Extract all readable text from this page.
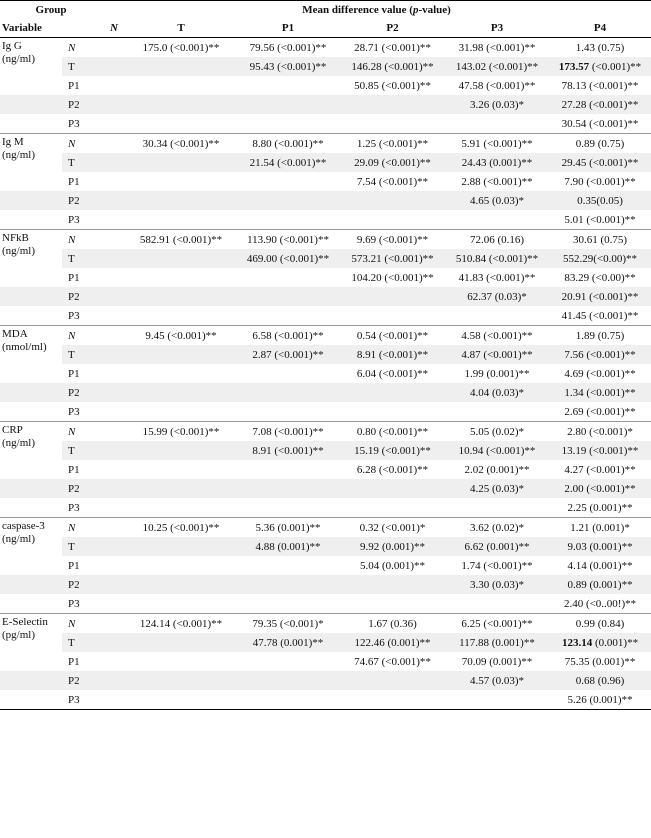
Group		Mean difference value (p-value)					
Variable		N	T	P1	P2	P3	P4

Ig G
(ng/ml)	N		175.0 (<0.001)**	79.56 (<0.001)**	28.71 (<0.001)**	31.98 (<0.001)**	1.43 (0.75)
	T			95.43 (<0.001)**	146.28 (<0.001)**	143.02 (<0.001)**	173.57 (<0.001)**
	P1				50.85 (<0.001)**	47.58 (<0.001)**	78.13 (<0.001)**
	P2					3.26 (0.03)*	27.28 (<0.001)**
	P3						30.54 (<0.001)**

Ig M
(ng/ml)	N		30.34 (<0.001)**	8.80 (<0.001)**	1.25 (<0.001)**	5.91 (<0.001)**	0.89 (0.75)
	T			21.54 (<0.001)**	29.09 (<0.001)**	24.43 (0.001)**	29.45 (<0.001)**
	P1				7.54 (<0.001)**	2.88 (<0.001)**	7.90 (<0.001)**
	P2					4.65 (0.03)*	0.35(0.05)
	P3						5.01 (<0.001)**

NFkB
(ng/ml)	N		582.91 (<0.001)**	113.90 (<0.001)**	9.69 (<0.001)**	72.06 (0.16)	30.61 (0.75)
	T			469.00 (<0.001)**	573.21 (<0.001)**	510.84 (<0.001)**	552.29(<0.00)**
	P1				104.20 (<0.001)**	41.83 (<0.001)**	83.29 (<0.00)**
	P2					62.37 (0.03)*	20.91 (<0.001)**
	P3						41.45 (<0.001)**

MDA
(nmol/ml)	N		9.45 (<0.001)**	6.58 (<0.001)**	0.54 (<0.001)**	4.58 (<0.001)**	1.89 (0.75)
	T			2.87 (<0.001)**	8.91 (<0.001)**	4.87 (<0.001)**	7.56 (<0.001)**
	P1				6.04 (<0.001)**	1.99 (0.001)**	4.69 (<0.001)**
	P2					4.04 (0.03)*	1.34 (<0.001)**
	P3						2.69 (<0.001)**

CRP
(ng/ml)	N		15.99 (<0.001)**	7.08 (<0.001)**	0.80 (<0.001)**	5.05 (0.02)*	2.80 (<0.001)*
	T			8.91 (<0.001)**	15.19 (<0.001)**	10.94 (<0.001)**	13.19 (<0.001)**
	P1				6.28 (<0.001)**	2.02 (0.001)**	4.27 (<0.001)**
	P2					4.25 (0.03)*	2.00 (<0.001)**
	P3						2.25 (0.001)**

caspase-3
(ng/ml)	N		10.25 (<0.001)**	5.36 (0.001)**	0.32 (<0.001)*	3.62 (0.02)*	1.21 (0.001)*
	T			4.88 (0.001)**	9.92 (0.001)**	6.62 (0.001)**	9.03 (0.001)**
	P1				5.04 (0.001)**	1.74 (<0.001)**	4.14 (0.001)**
	P2					3.30 (0.03)*	0.89 (0.001)**
	P3						2.40 (<0..00!)**

E-Selectin
(pg/ml)	N		124.14 (<0.001)**	79.35 (<0.001)*	1.67 (0.36)	6.25 (<0.001)**	0.99 (0.84)
	T			47.78 (0.001)**	122.46 (0.001)**	117.88 (0.001)**	123.14 (0.001)**
	P1				74.67 (<0.001)**	70.09 (0.001)**	75.35 (0.001)**
	P2					4.57 (0.03)*	0.68 (0.96)
	P3						5.26 (0.001)**
